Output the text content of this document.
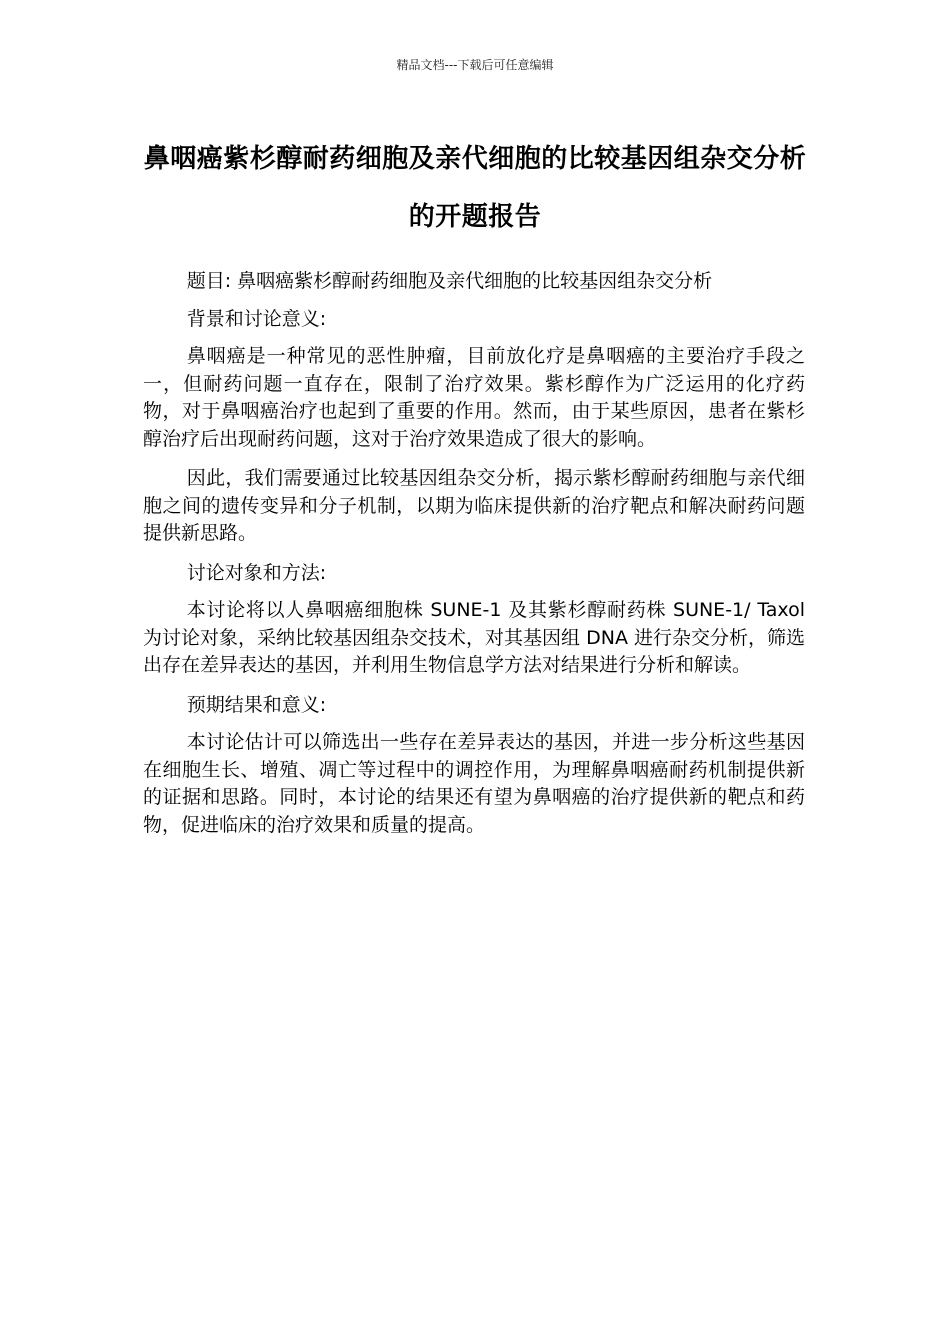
精品文档---下载后可任意编辑
鼻咽癌紫杉醇耐药细胞及亲代细胞的比较基因组杂交分析的开题报告

题目: 鼻咽癌紫杉醇耐药细胞及亲代细胞的比较基因组杂交分析

背景和讨论意义:

鼻咽癌是一种常见的恶性肿瘤，目前放化疗是鼻咽癌的主要治疗手段之一，但耐药问题一直存在，限制了治疗效果。紫杉醇作为广泛运用的化疗药物，对于鼻咽癌治疗也起到了重要的作用。然而，由于某些原因，患者在紫杉醇治疗后出现耐药问题，这对于治疗效果造成了很大的影响。

因此，我们需要通过比较基因组杂交分析，揭示紫杉醇耐药细胞与亲代细胞之间的遗传变异和分子机制，以期为临床提供新的治疗靶点和解决耐药问题提供新思路。

讨论对象和方法:

本讨论将以人鼻咽癌细胞株 SUNE-1 及其紫杉醇耐药株 SUNE-1/ Taxol 为讨论对象，采纳比较基因组杂交技术，对其基因组 DNA 进行杂交分析，筛选出存在差异表达的基因，并利用生物信息学方法对结果进行分析和解读。

预期结果和意义:

本讨论估计可以筛选出一些存在差异表达的基因，并进一步分析这些基因在细胞生长、增殖、凋亡等过程中的调控作用，为理解鼻咽癌耐药机制提供新的证据和思路。同时，本讨论的结果还有望为鼻咽癌的治疗提供新的靶点和药物，促进临床的治疗效果和质量的提高。
